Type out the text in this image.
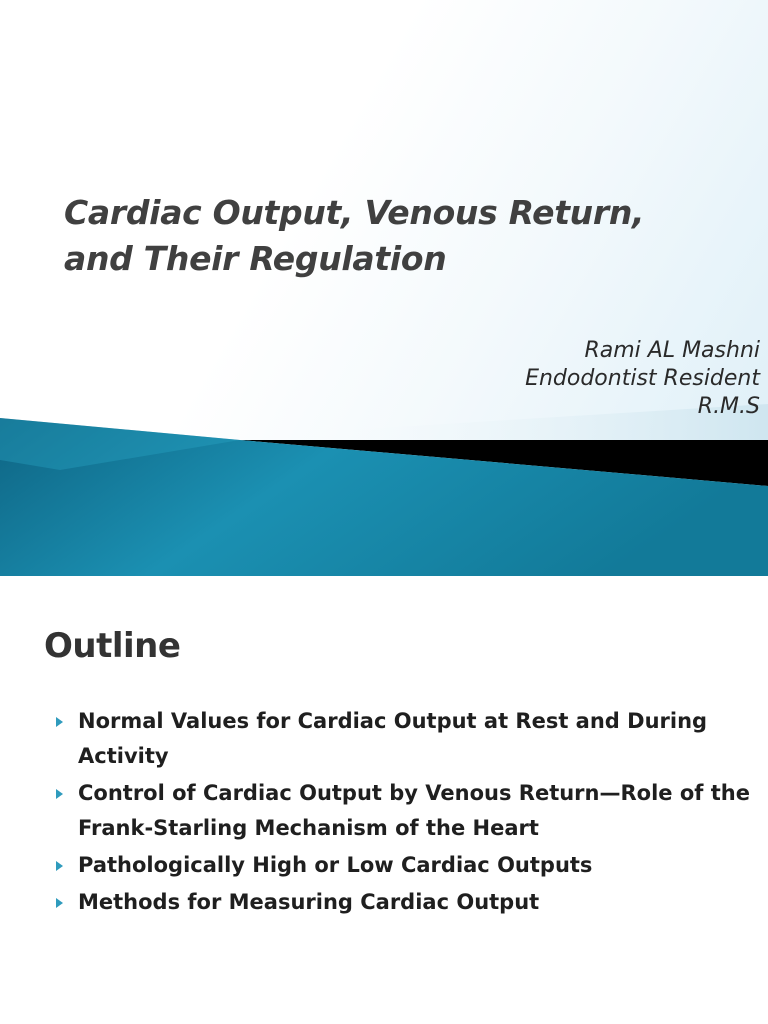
Cardiac Output, Venous Return,
and Their Regulation
Rami AL Mashni
Endodontist Resident
R.M.S
Outline
Normal Values for Cardiac Output at Rest and During Activity
Control of Cardiac Output by Venous Return—Role of the Frank-Starling Mechanism of the Heart
Pathologically High or Low Cardiac Outputs
Methods for Measuring Cardiac Output
